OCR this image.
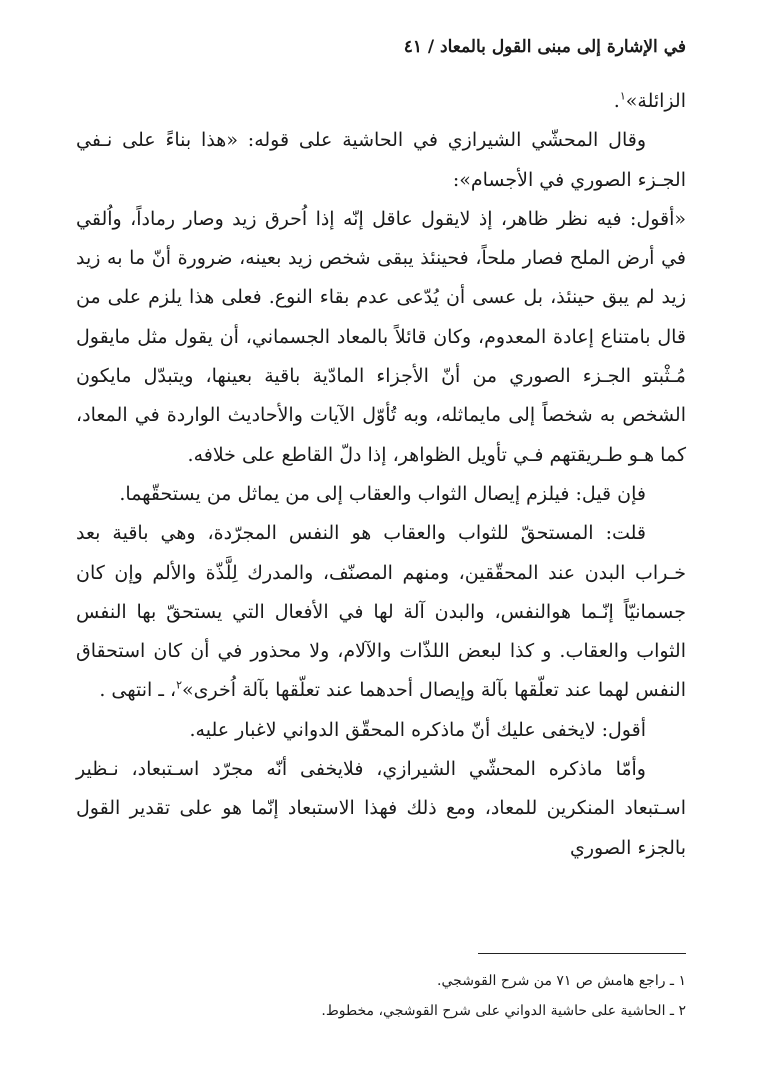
في الإشارة إلى مبنى القول بالمعاد / ٤١

الزائلة»$^١$.

وقال المحشّي الشيرازي في الحاشية على قوله: «هذا بناءً على نـفي الجـزء الصوري في الأجسام»:

«أقول: فيه نظر ظاهر، إذ لايقول عاقل إنّه إذا اُحرق زيد وصار رماداً، واُلقي في أرض الملح فصار ملحاً، فحينئذ يبقى شخص زيد بعينه، ضرورة أنّ ما به زيد زيد لم يبق حينئذ، بل عسى أن يُدّعى عدم بقاء النوع. فعلى هذا يلزم على من قال بامتناع إعادة المعدوم، وكان قائلاً بالمعاد الجسماني، أن يقول مثل مايقول مُـثْبتو الجـزء الصوري من أنّ الأجزاء المادّية باقية بعينها، ويتبدّل مايكون الشخص به شخصاً إلى مايماثله، وبه تُأوّل الآيات والأحاديث الواردة في المعاد، كما هـو طـريقتهم فـي تأويل الظواهر، إذا دلّ القاطع على خلافه.

فإن قيل: فيلزم إيصال الثواب والعقاب إلى من يماثل من يستحقّهما.

قلت: المستحقّ للثواب والعقاب هو النفس المجرّدة، وهي باقية بعد خـراب البدن عند المحقّقين، ومنهم المصنّف، والمدرك لِلَّذّة والألم وإن كان جسمانيّاً إنّـما هوالنفس، والبدن آلة لها في الأفعال التي يستحقّ بها النفس الثواب والعقاب. و كذا لبعض اللذّات والآلام، ولا محذور في أن كان استحقاق النفس لهما عند تعلّقها بآلة وإيصال أحدهما عند تعلّقها بآلة اُخرى»$^٢$، ـ انتهى .

أقول: لايخفى عليك أنّ ماذكره المحقّق الدواني لاغبار عليه.

وأمّا ماذكره المحشّي الشيرازي، فلايخفى أنّه مجرّد اسـتبعاد، نـظير اسـتبعاد المنكرين للمعاد، ومع ذلك فهذا الاستبعاد إنّما هو على تقدير القول بالجزء الصوري

١ ـ راجع هامش ص ٧١ من شرح القوشجي.

٢ ـ الحاشية على حاشية الدواني على شرح القوشجي، مخطوط.
